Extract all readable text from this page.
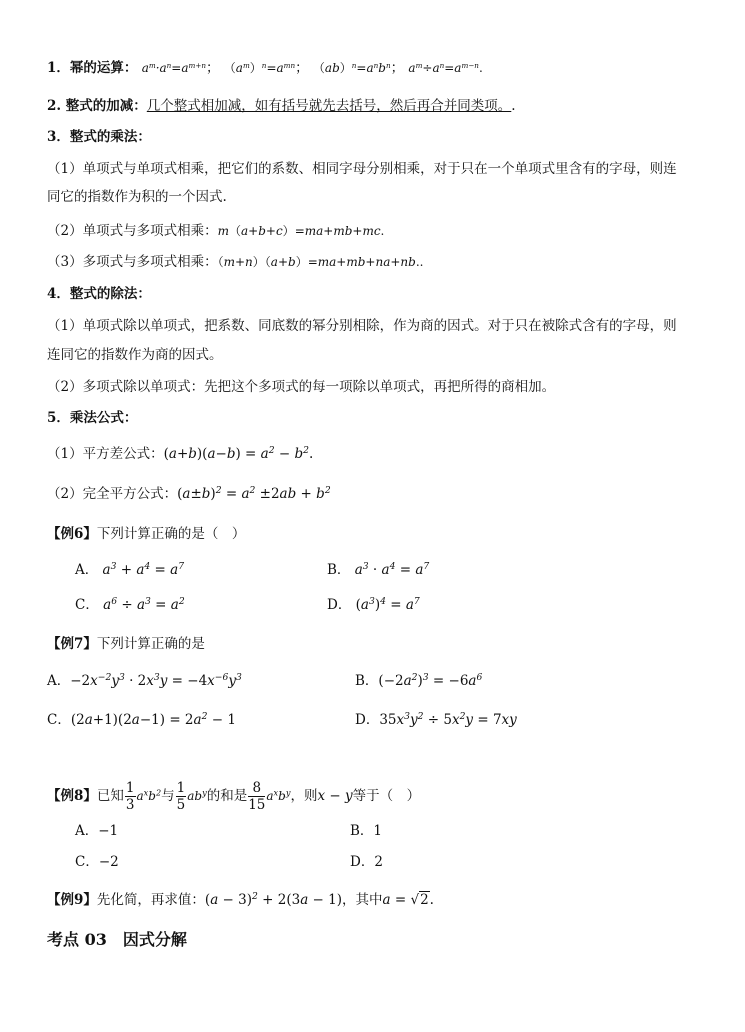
1．幂的运算： $a^m\cdot a^n=a^{m+n}$； $(a^m)^n=a^{mn}$； $(ab)^n=a^nb^n$； $a^m\div a^n=a^{m-n}$.
2. 整式的加减：几个整式相加减，如有括号就先去括号，然后再合并同类项。.
3．整式的乘法：
（1）单项式与单项式相乘，把它们的系数、相同字母分别相乘，对于只在一个单项式里含有的字母，则连
同它的指数作为积的一个因式.
（2）单项式与多项式相乘：m（a+b+c）=ma+mb+mc.
（3）多项式与多项式相乘：（m+n）（a+b）=ma+mb+na+nb..
4．整式的除法：
（1）单项式除以单项式，把系数、同底数的幂分别相除，作为商的因式。对于只在被除式含有的字母，则
连同它的指数作为商的因式。
（2）多项式除以单项式：先把这个多项式的每一项除以单项式，再把所得的商相加。
5．乘法公式：
（1）平方差公式：$(a+b)(a-b) = a^2 - b^2$.
（2）完全平方公式：$(a\pm b)^2 = a^2 \pm 2ab + b^2$
【例6】下列计算正确的是（　）
A． $a^3 + a^4 = a^7$	B． $a^3 \cdot a^4 = a^7$
C． $a^6 \div a^3 = a^2$	D． $(a^3)^4 = a^7$
【例7】下列计算正确的是
A．$-2x^{-2}y^3 \cdot 2x^3y = -4x^{-6}y^3$	B．$(-2a^2)^3 = -6a^6$
C．$(2a+1)(2a-1) = 2a^2 - 1$	D．$35x^3y^2 \div 5x^2y = 7xy$
【例8】已知 $\frac{1}{3} a^xb^2$与 $\frac{1}{5} ab^y$的和是 $\frac{8}{15} a^xb^y$，则x − y等于（　）
A．−1	B．1
C．−2	D．2
【例9】先化简，再求值：$(a - 3)^2 + 2(3a - 1)$，其中a = √2.
考点 03　因式分解
